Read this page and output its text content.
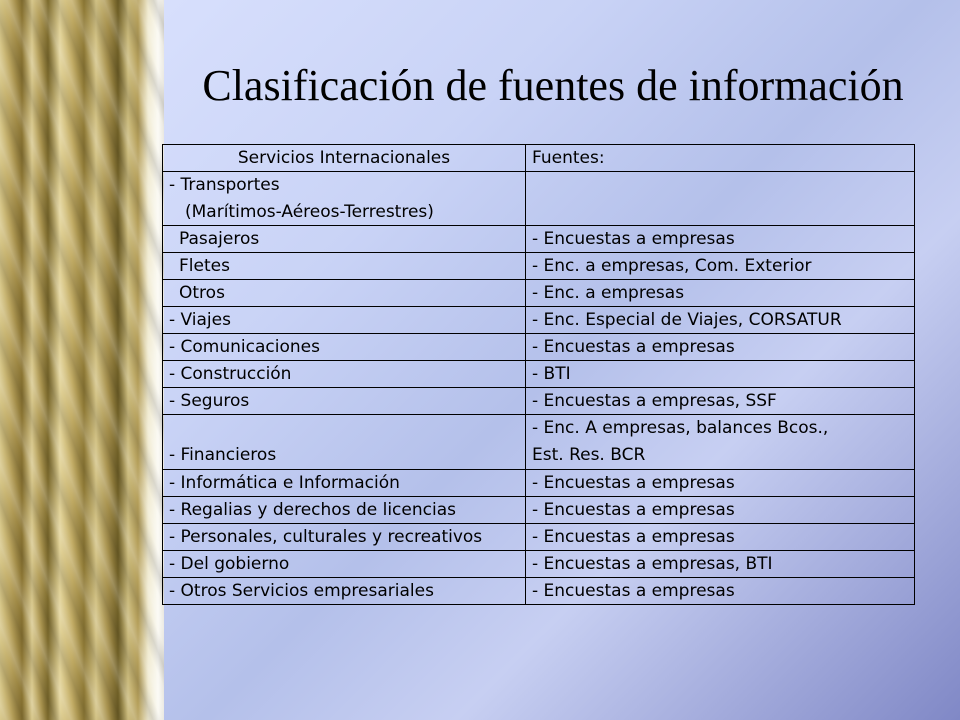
Clasificación de fuentes de información
Servicios Internacionales	Fuentes:
- Transportes	
(Marítimos-Aéreos-Terrestres)	
Pasajeros	- Encuestas a empresas
Fletes	- Enc. a empresas, Com. Exterior
Otros	- Enc. a empresas
- Viajes	- Enc. Especial de Viajes, CORSATUR
- Comunicaciones	- Encuestas a empresas
- Construcción	- BTI
- Seguros	- Encuestas a empresas, SSF
- Financieros	- Enc. A empresas, balances Bcos.,
Est. Res. BCR

- Informática e Información	- Encuestas a empresas
- Regalias y derechos de licencias	- Encuestas a empresas
- Personales, culturales y recreativos	- Encuestas a empresas
- Del gobierno	- Encuestas a empresas, BTI
- Otros Servicios empresariales	- Encuestas a empresas
